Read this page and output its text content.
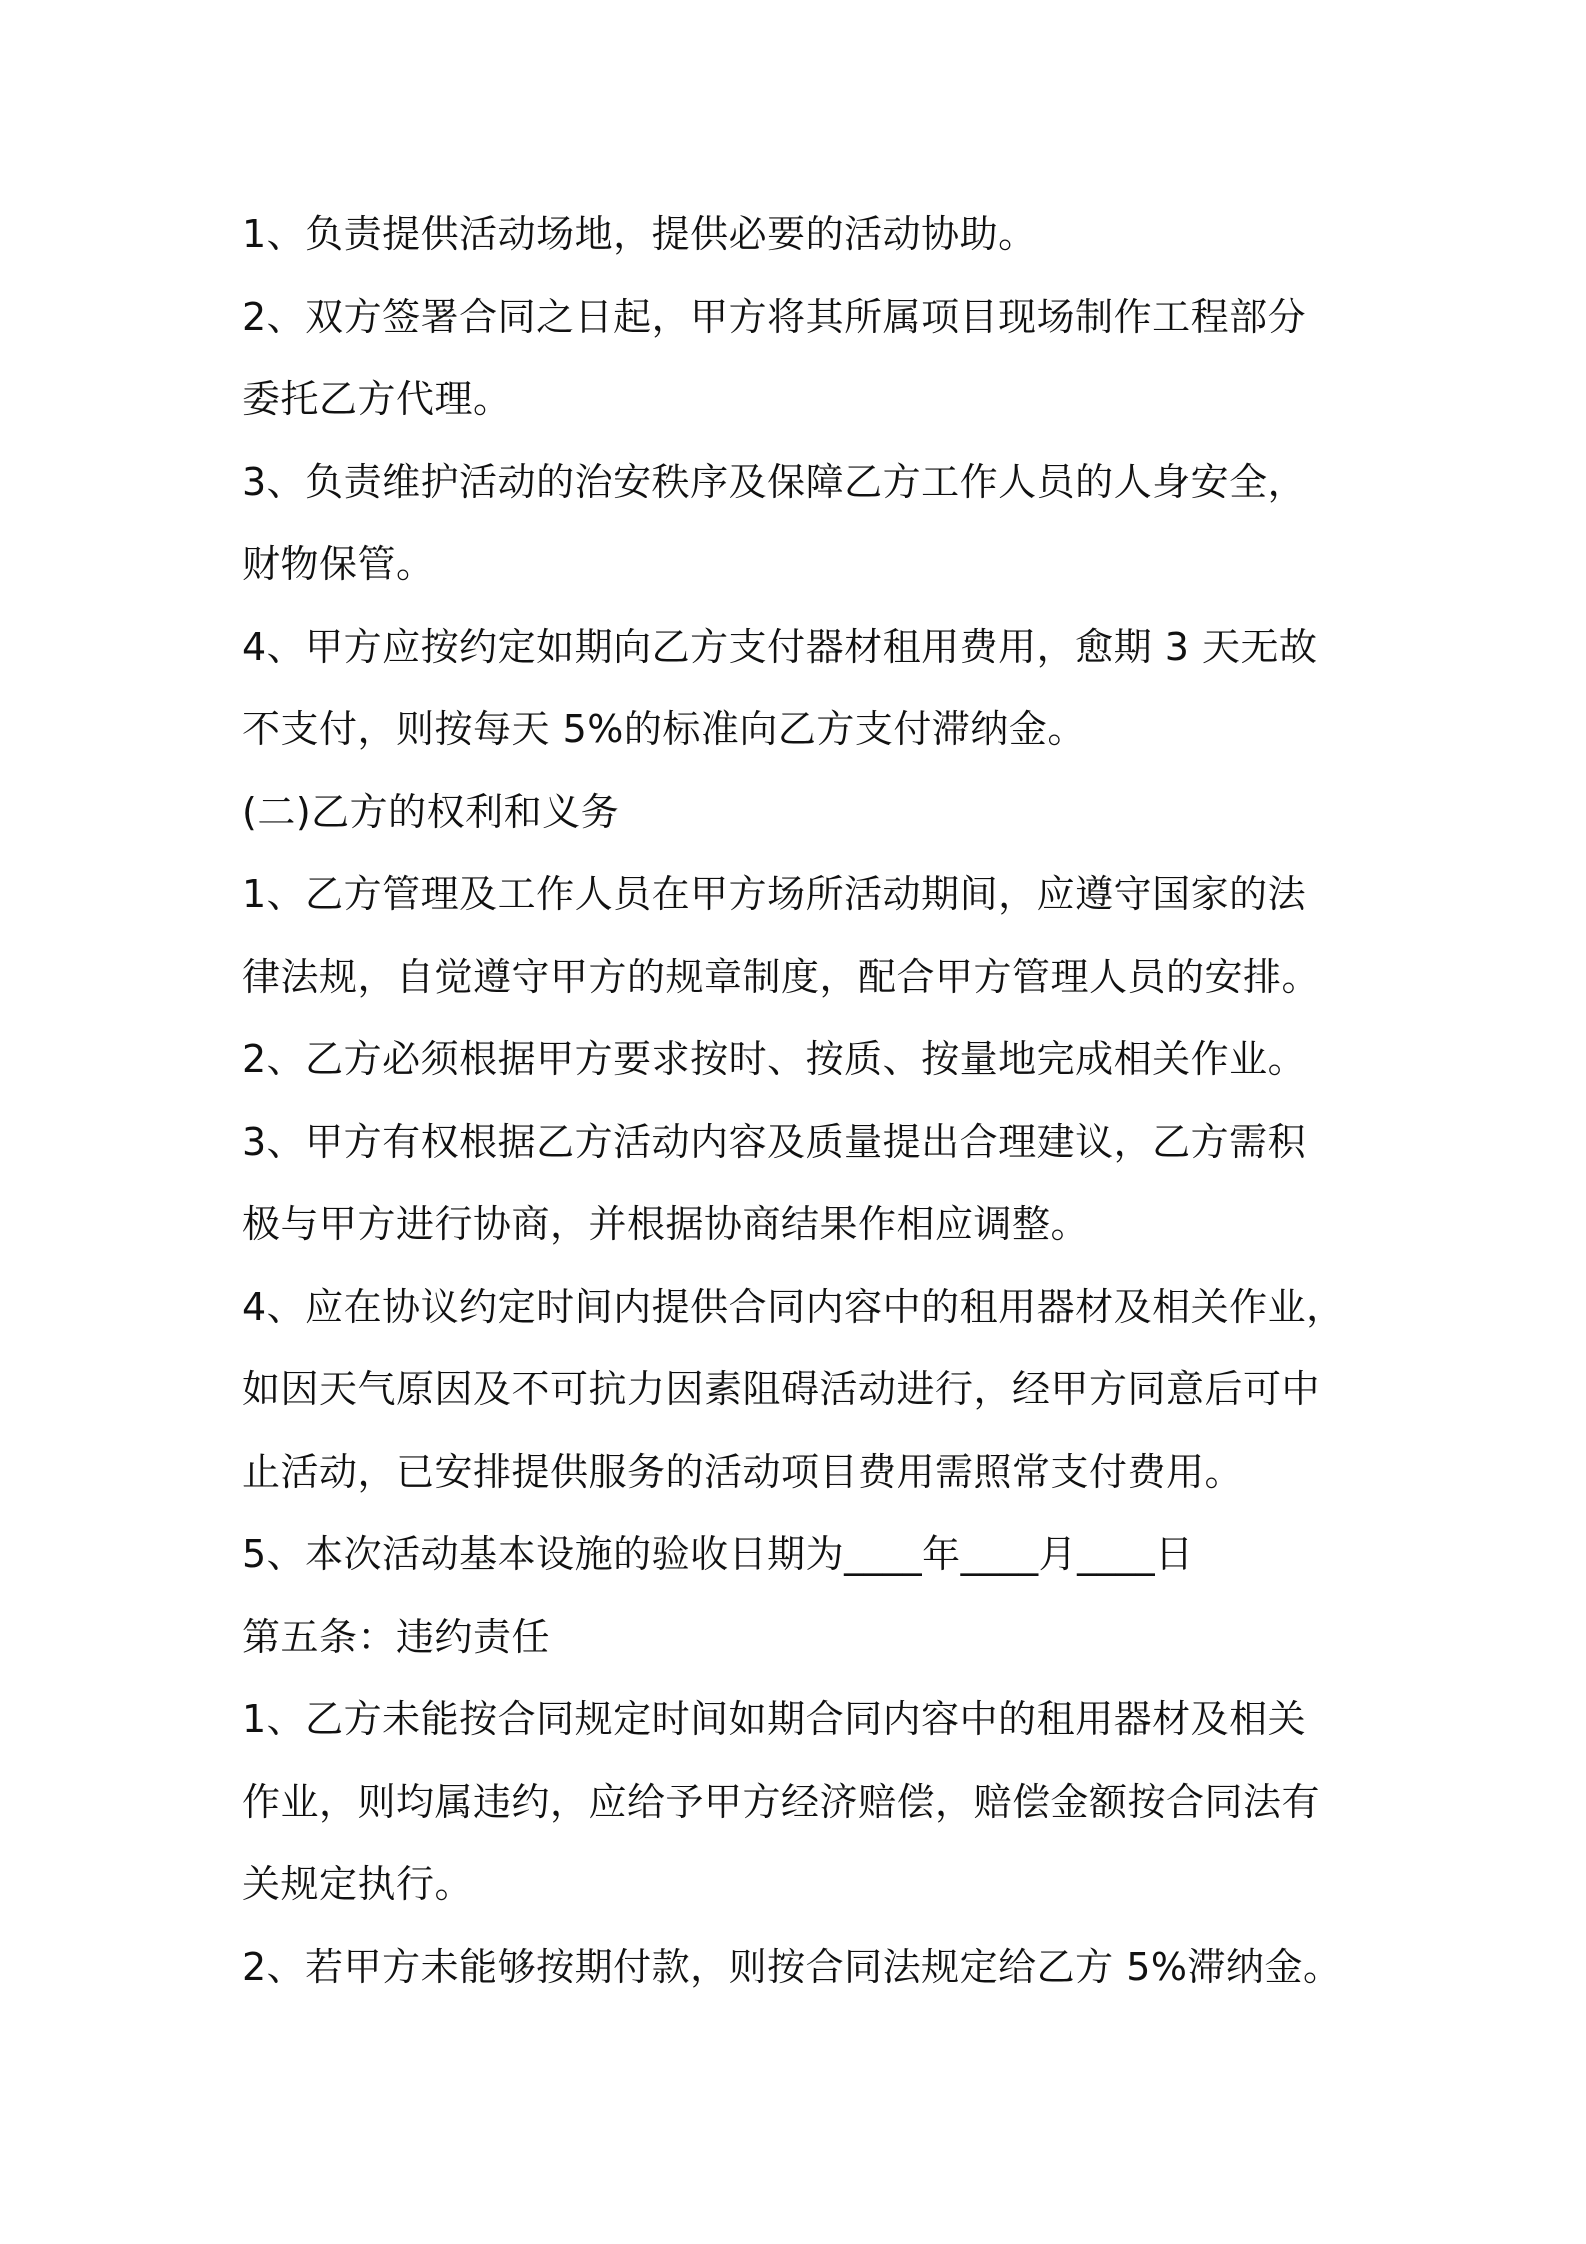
1、负责提供活动场地，提供必要的活动协助。

2、双方签署合同之日起，甲方将其所属项目现场制作工程部分

委托乙方代理。

3、负责维护活动的治安秩序及保障乙方工作人员的人身安全，

财物保管。

4、甲方应按约定如期向乙方支付器材租用费用，愈期 3 天无故

不支付，则按每天 5%的标准向乙方支付滞纳金。

(二)乙方的权利和义务

1、乙方管理及工作人员在甲方场所活动期间，应遵守国家的法

律法规，自觉遵守甲方的规章制度，配合甲方管理人员的安排。

2、乙方必须根据甲方要求按时、按质、按量地完成相关作业。

3、甲方有权根据乙方活动内容及质量提出合理建议，乙方需积

极与甲方进行协商，并根据协商结果作相应调整。

4、应在协议约定时间内提供合同内容中的租用器材及相关作业，

如因天气原因及不可抗力因素阻碍活动进行，经甲方同意后可中

止活动，已安排提供服务的活动项目费用需照常支付费用。

5、本次活动基本设施的验收日期为____年____月____日

第五条：违约责任

1、乙方未能按合同规定时间如期合同内容中的租用器材及相关

作业，则均属违约，应给予甲方经济赔偿，赔偿金额按合同法有

关规定执行。

2、若甲方未能够按期付款，则按合同法规定给乙方 5%滞纳金。
